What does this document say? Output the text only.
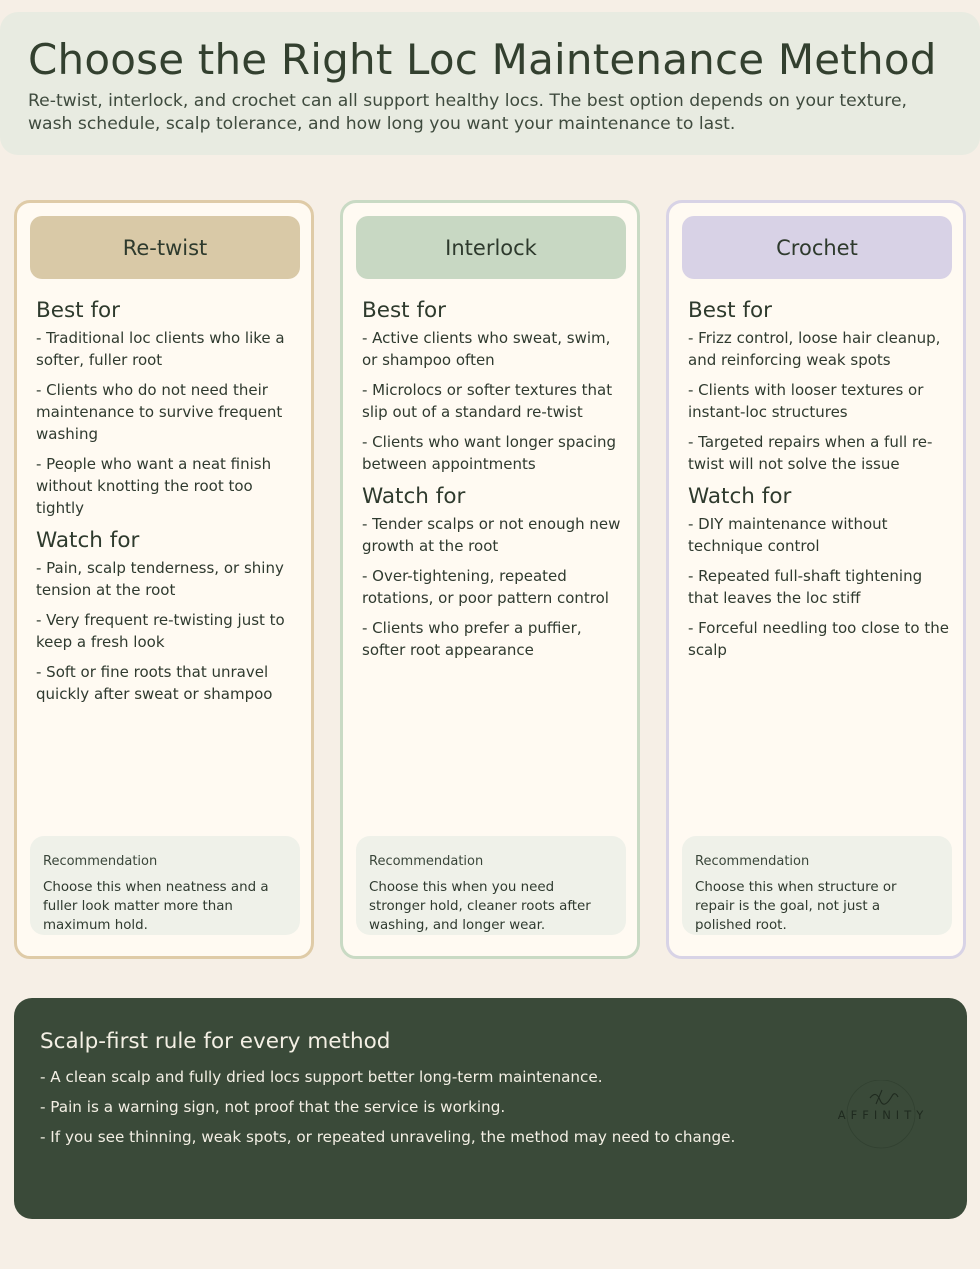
Choose the Right Loc Maintenance Method

Re-twist, interlock, and crochet can all support healthy locs. The best option depends on your texture, wash schedule, scalp tolerance, and how long you want your maintenance to last.

Re-twist
Best for
- Traditional loc clients who like a softer, fuller root
- Clients who do not need their maintenance to survive frequent washing
- People who want a neat finish without knotting the root too tightly
Watch for
- Pain, scalp tenderness, or shiny tension at the root
- Very frequent re-twisting just to keep a fresh look
- Soft or fine roots that unravel quickly after sweat or shampoo
Recommendation
Choose this when neatness and a fuller look matter more than maximum hold.
Interlock
Best for
- Active clients who sweat, swim, or shampoo often
- Microlocs or softer textures that slip out of a standard re-twist
- Clients who want longer spacing between appointments
Watch for
- Tender scalps or not enough new growth at the root
- Over-tightening, repeated rotations, or poor pattern control
- Clients who prefer a puffier, softer root appearance
Recommendation
Choose this when you need stronger hold, cleaner roots after washing, and longer wear.
Crochet
Best for
- Frizz control, loose hair cleanup, and reinforcing weak spots
- Clients with looser textures or instant-loc structures
- Targeted repairs when a full re-twist will not solve the issue
Watch for
- DIY maintenance without technique control
- Repeated full-shaft tightening that leaves the loc stiff
- Forceful needling too close to the scalp
Recommendation
Choose this when structure or repair is the goal, not just a polished root.
Scalp-first rule for every method
- A clean scalp and fully dried locs support better long-term maintenance.
- Pain is a warning sign, not proof that the service is working.
- If you see thinning, weak spots, or repeated unraveling, the method may need to change.
AFFINITY
